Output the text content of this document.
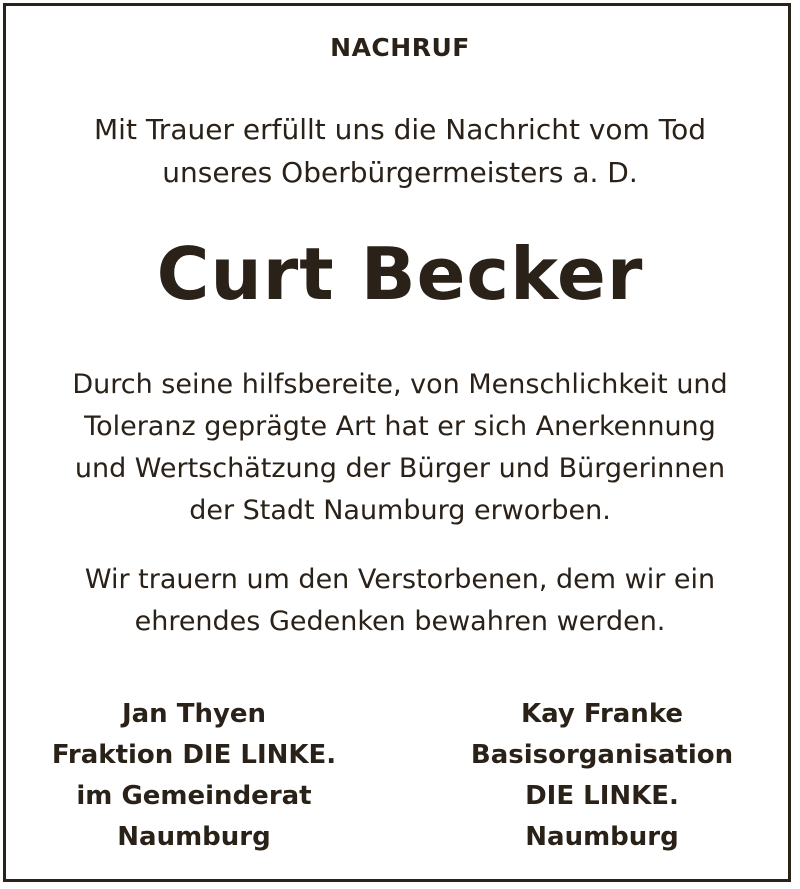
NACHRUF
Mit Trauer erfüllt uns die Nachricht vom Tod
unseres Oberbürgermeisters a. D.
Curt Becker
Durch seine hilfsbereite, von Menschlichkeit und
Toleranz geprägte Art hat er sich Anerkennung
und Wertschätzung der Bürger und Bürgerinnen
der Stadt Naumburg erworben.
Wir trauern um den Verstorbenen, dem wir ein
ehrendes Gedenken bewahren werden.
Jan Thyen
Fraktion DIE LINKE.
im Gemeinderat
Naumburg
Kay Franke
Basisorganisation
DIE LINKE.
Naumburg
